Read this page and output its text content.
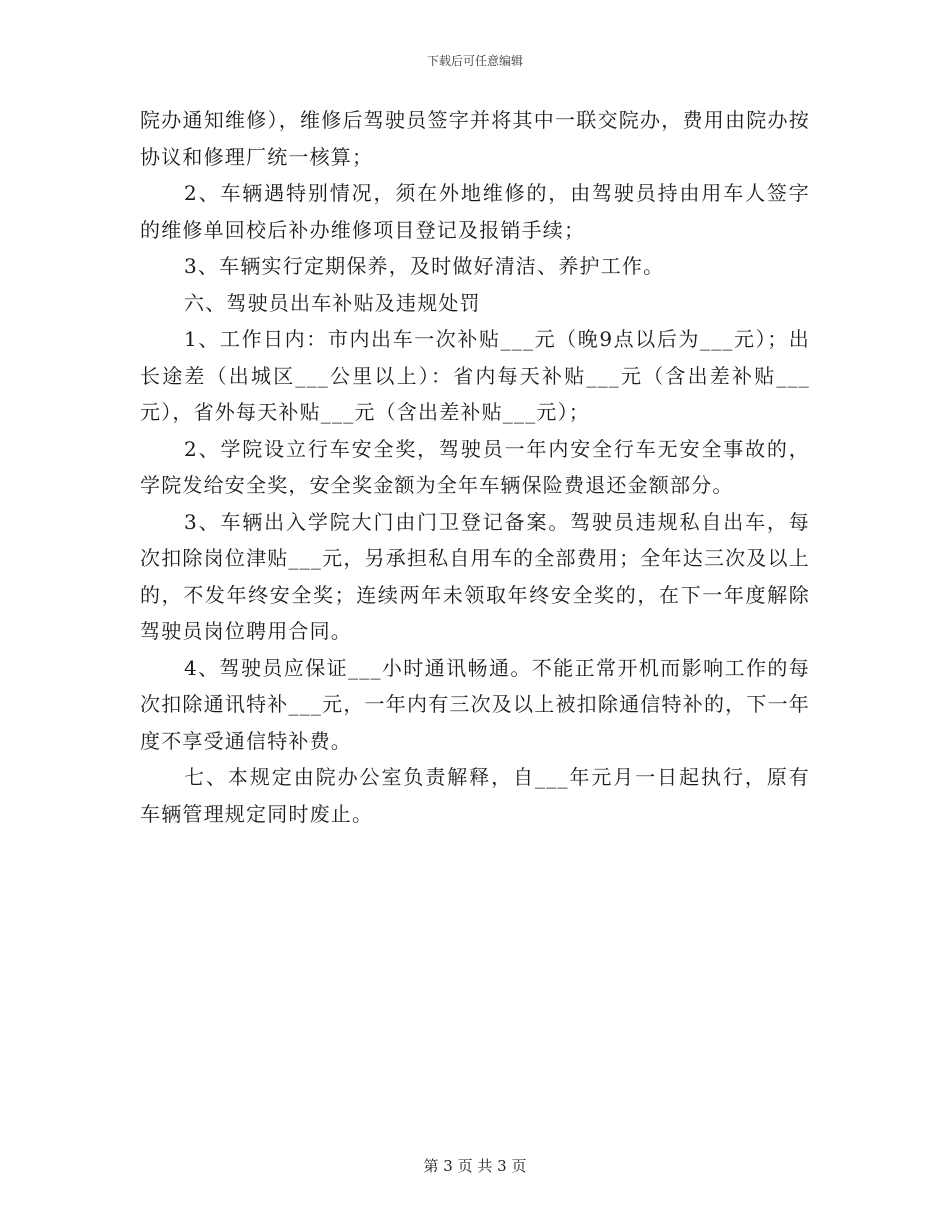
下载后可任意编辑

院办通知维修），维修后驾驶员签字并将其中一联交院办，费用由院办按协议和修理厂统一核算；

2、车辆遇特别情况，须在外地维修的，由驾驶员持由用车人签字的维修单回校后补办维修项目登记及报销手续；

3、车辆实行定期保养，及时做好清洁、养护工作。

六、驾驶员出车补贴及违规处罚

1、工作日内：市内出车一次补贴___元（晚9点以后为___元）；出长途差（出城区___公里以上）：省内每天补贴___元（含出差补贴___元），省外每天补贴___元（含出差补贴___元）；

2、学院设立行车安全奖，驾驶员一年内安全行车无安全事故的，学院发给安全奖，安全奖金额为全年车辆保险费退还金额部分。

3、车辆出入学院大门由门卫登记备案。驾驶员违规私自出车，每次扣除岗位津贴___元，另承担私自用车的全部费用；全年达三次及以上的，不发年终安全奖；连续两年未领取年终安全奖的，在下一年度解除驾驶员岗位聘用合同。

4、驾驶员应保证___小时通讯畅通。不能正常开机而影响工作的每次扣除通讯特补___元，一年内有三次及以上被扣除通信特补的，下一年度不享受通信特补费。

七、本规定由院办公室负责解释，自___年元月一日起执行，原有车辆管理规定同时废止。

第 3 页 共 3 页
